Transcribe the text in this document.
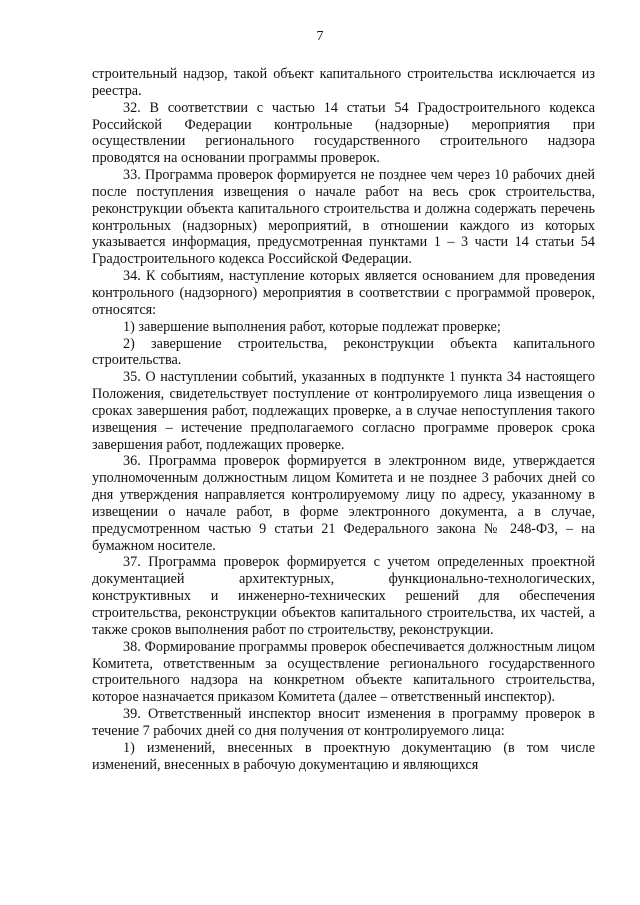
7

строительный надзор, такой объект капитального строительства исключается из реестра.

32. В соответствии с частью 14 статьи 54 Градостроительного кодекса Российской Федерации контрольные (надзорные) мероприятия при осуществлении регионального государственного строительного надзора проводятся на основании программы проверок.

33. Программа проверок формируется не позднее чем через 10 рабочих дней после поступления извещения о начале работ на весь срок строительства, реконструкции объекта капитального строительства и должна содержать перечень контрольных (надзорных) мероприятий, в отношении каждого из которых указывается информация, предусмотренная пунктами 1 – 3 части 14 статьи 54 Градостроительного кодекса Российской Федерации.

34. К событиям, наступление которых является основанием для проведения контрольного (надзорного) мероприятия в соответствии с программой проверок, относятся:

1) завершение выполнения работ, которые подлежат проверке;

2) завершение строительства, реконструкции объекта капитального строительства.

35. О наступлении событий, указанных в подпункте 1 пункта 34 настоящего Положения, свидетельствует поступление от контролируемого лица извещения о сроках завершения работ, подлежащих проверке, а в случае непоступления такого извещения – истечение предполагаемого согласно программе проверок срока завершения работ, подлежащих проверке.

36. Программа проверок формируется в электронном виде, утверждается уполномоченным должностным лицом Комитета и не позднее 3 рабочих дней со дня утверждения направляется контролируемому лицу по адресу, указанному в извещении о начале работ, в форме электронного документа, а в случае, предусмотренном частью 9 статьи 21 Федерального закона № 248-ФЗ, – на бумажном носителе.

37. Программа проверок формируется с учетом определенных проектной документацией архитектурных, функционально-технологических, конструктивных и инженерно-технических решений для обеспечения строительства, реконструкции объектов капитального строительства, их частей, а также сроков выполнения работ по строительству, реконструкции.

38. Формирование программы проверок обеспечивается должностным лицом Комитета, ответственным за осуществление регионального государственного строительного надзора на конкретном объекте капитального строительства, которое назначается приказом Комитета (далее – ответственный инспектор).

39. Ответственный инспектор вносит изменения в программу проверок в течение 7 рабочих дней со дня получения от контролируемого лица:

1) изменений, внесенных в проектную документацию (в том числе изменений, внесенных в рабочую документацию и являющихся
